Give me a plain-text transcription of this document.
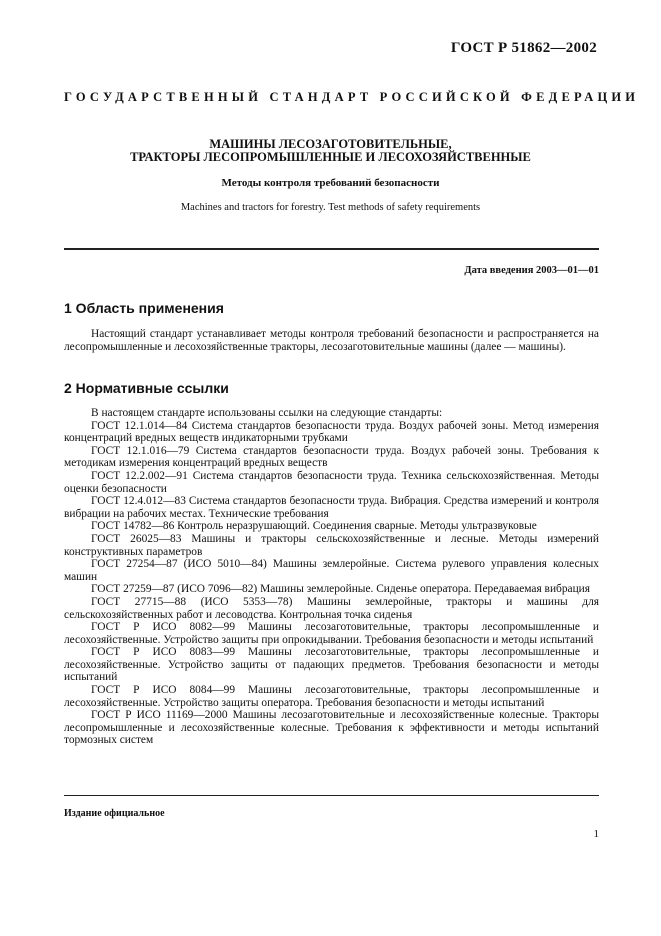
ГОСТ Р 51862—2002
ГОСУДАРСТВЕННЫЙ СТАНДАРТ РОССИЙСКОЙ ФЕДЕРАЦИИ
МАШИНЫ ЛЕСОЗАГОТОВИТЕЛЬНЫЕ,
ТРАКТОРЫ ЛЕСОПРОМЫШЛЕННЫЕ И ЛЕСОХОЗЯЙСТВЕННЫЕ
Методы контроля требований безопасности
Machines and tractors for forestry. Test methods of safety requirements
Дата введения 2003—01—01
1 Область применения
Настоящий стандарт устанавливает методы контроля требований безопасности и распространяется на лесопромышленные и лесохозяйственные тракторы, лесозаготовительные машины (далее — машины).
2 Нормативные ссылки

В настоящем стандарте использованы ссылки на следующие стандарты:

ГОСТ 12.1.014—84 Система стандартов безопасности труда. Воздух рабочей зоны. Метод измерения концентраций вредных веществ индикаторными трубками

ГОСТ 12.1.016—79 Система стандартов безопасности труда. Воздух рабочей зоны. Требования к методикам измерения концентраций вредных веществ

ГОСТ 12.2.002—91 Система стандартов безопасности труда. Техника сельскохозяйственная. Методы оценки безопасности

ГОСТ 12.4.012—83 Система стандартов безопасности труда. Вибрация. Средства измерений и контроля вибрации на рабочих местах. Технические требования

ГОСТ 14782—86 Контроль неразрушающий. Соединения сварные. Методы ультразвуковые

ГОСТ 26025—83 Машины и тракторы сельскохозяйственные и лесные. Методы измерений конструктивных параметров

ГОСТ 27254—87 (ИСО 5010—84) Машины землеройные. Система рулевого управления колесных машин

ГОСТ 27259—87 (ИСО 7096—82) Машины землеройные. Сиденье оператора. Передаваемая вибрация

ГОСТ 27715—88 (ИСО 5353—78) Машины землеройные, тракторы и машины для сельскохозяйственных работ и лесоводства. Контрольная точка сиденья

ГОСТ Р ИСО 8082—99 Машины лесозаготовительные, тракторы лесопромышленные и лесохозяйственные. Устройство защиты при опрокидывании. Требования безопасности и методы испытаний

ГОСТ Р ИСО 8083—99 Машины лесозаготовительные, тракторы лесопромышленные и лесохозяйственные. Устройство защиты от падающих предметов. Требования безопасности и методы испытаний

ГОСТ Р ИСО 8084—99 Машины лесозаготовительные, тракторы лесопромышленные и лесохозяйственные. Устройство защиты оператора. Требования безопасности и методы испытаний

ГОСТ Р ИСО 11169—2000 Машины лесозаготовительные и лесохозяйственные колесные. Тракторы лесопромышленные и лесохозяйственные колесные. Требования к эффективности и методы испытаний тормозных систем

Издание официальное
1
